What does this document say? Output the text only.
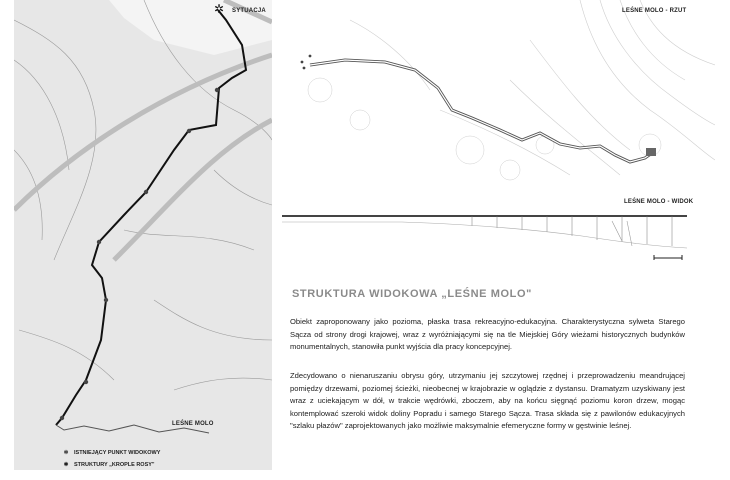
✲ SYTUACJA
LEŚNE MOLO
✲ ISTNIEJĄCY PUNKT WIDOKOWY
✱ STRUKTURY „KROPLE ROSY"
LEŚNE MOLO - RZUT
LEŚNE MOLO - WIDOK
STRUKTURA WIDOKOWA „LEŚNE MOLO"

Obiekt zaproponowany jako pozioma, płaska trasa rekreacyjno-edukacyjna. Charakterystyczna sylweta Starego Sącza od strony drogi krajowej, wraz z wyróżniającymi się na tle Miejskiej Góry wieżami historycznych budynków monumentalnych, stanowiła punkt wyjścia dla pracy koncepcyjnej.

Zdecydowano o nienaruszaniu obrysu góry, utrzymaniu jej szczytowej rzędnej i przeprowadzeniu meandrującej pomiędzy drzewami, poziomej ścieżki, nieobecnej w krajobrazie w oglądzie z dystansu. Dramatyzm uzyskiwany jest wraz z uciekającym w dół, w trakcie wędrówki, zboczem, aby na końcu sięgnąć poziomu koron drzew, mogąc kontemplować szeroki widok doliny Popradu i samego Starego Sącza. Trasa składa się z pawilonów edukacyjnych "szlaku płazów" zaprojektowanych jako możliwie maksymalnie efemeryczne formy w gęstwinie leśnej.
